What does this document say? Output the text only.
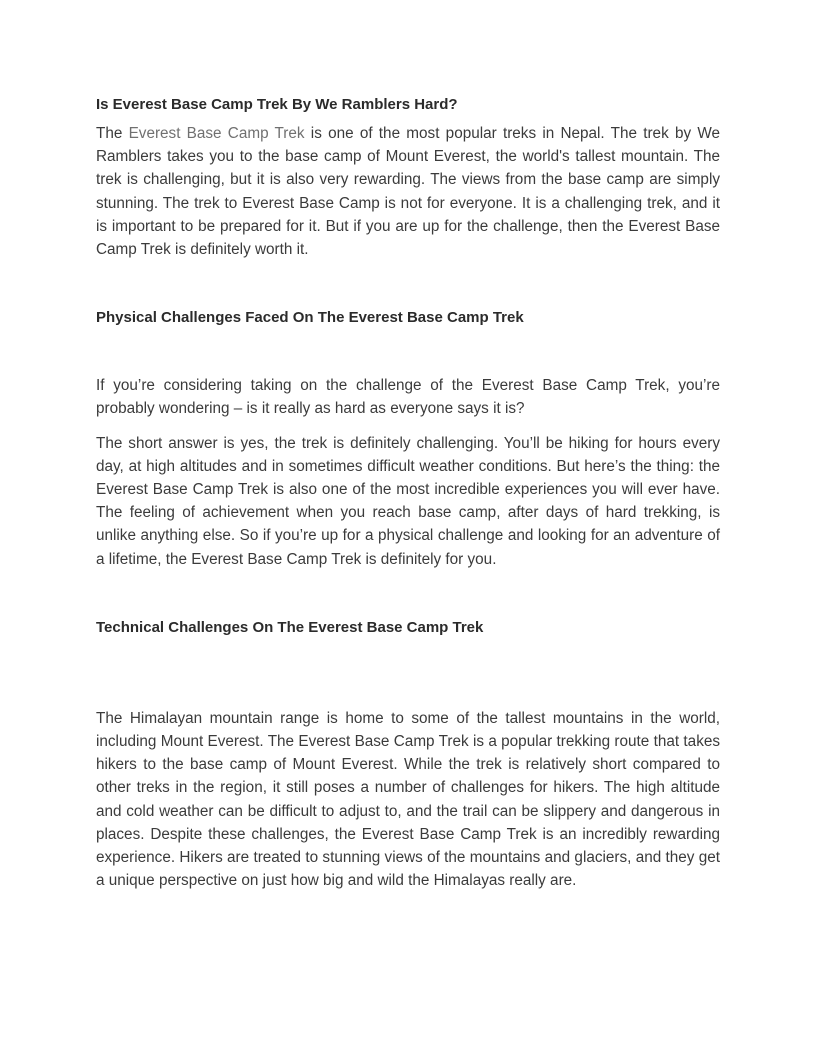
Is Everest Base Camp Trek By We Ramblers Hard?

The Everest Base Camp Trek is one of the most popular treks in Nepal. The trek by We Ramblers takes you to the base camp of Mount Everest, the world's tallest mountain. The trek is challenging, but it is also very rewarding. The views from the base camp are simply stunning. The trek to Everest Base Camp is not for everyone. It is a challenging trek, and it is important to be prepared for it. But if you are up for the challenge, then the Everest Base Camp Trek is definitely worth it.

Physical Challenges Faced On The Everest Base Camp Trek

If you’re considering taking on the challenge of the Everest Base Camp Trek, you’re probably wondering – is it really as hard as everyone says it is?

The short answer is yes, the trek is definitely challenging. You’ll be hiking for hours every day, at high altitudes and in sometimes difficult weather conditions. But here’s the thing: the Everest Base Camp Trek is also one of the most incredible experiences you will ever have. The feeling of achievement when you reach base camp, after days of hard trekking, is unlike anything else. So if you’re up for a physical challenge and looking for an adventure of a lifetime, the Everest Base Camp Trek is definitely for you.

Technical Challenges On The Everest Base Camp Trek

The Himalayan mountain range is home to some of the tallest mountains in the world, including Mount Everest. The Everest Base Camp Trek is a popular trekking route that takes hikers to the base camp of Mount Everest. While the trek is relatively short compared to other treks in the region, it still poses a number of challenges for hikers. The high altitude and cold weather can be difficult to adjust to, and the trail can be slippery and dangerous in places. Despite these challenges, the Everest Base Camp Trek is an incredibly rewarding experience. Hikers are treated to stunning views of the mountains and glaciers, and they get a unique perspective on just how big and wild the Himalayas really are.
